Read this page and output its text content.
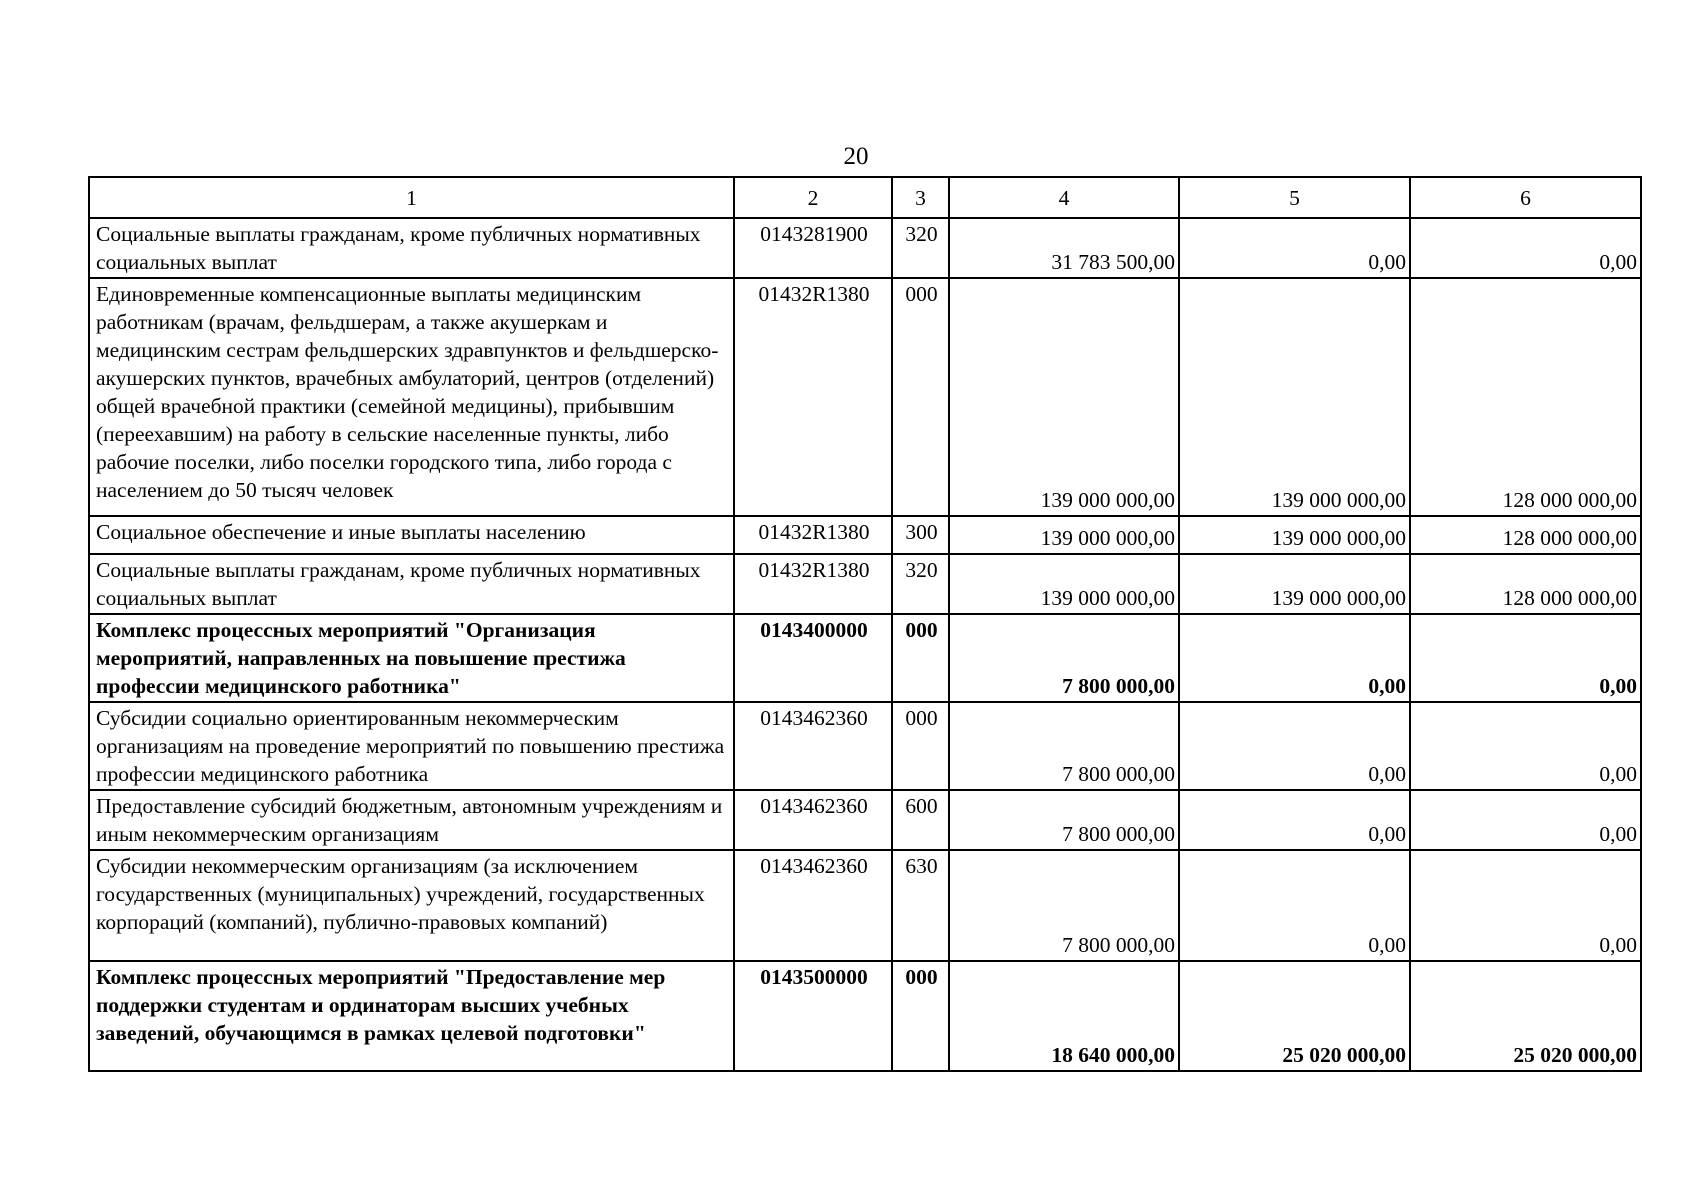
20
1	2	3	4	5	6
Социальные выплаты гражданам, кроме публичных нормативных социальных выплат	0143281900	320	31 783 500,00	0,00	0,00
Единовременные компенсационные выплаты медицинским работникам (врачам, фельдшерам, а также акушеркам и медицинским сестрам фельдшерских здравпунктов и фельдшерско-акушерских пунктов, врачебных амбулаторий, центров (отделений) общей врачебной практики (семейной медицины), прибывшим (переехавшим) на работу в сельские населенные пункты, либо рабочие поселки, либо поселки городского типа, либо города с населением до 50 тысяч человек	01432R1380	000	139 000 000,00	139 000 000,00	128 000 000,00
Социальное обеспечение и иные выплаты населению	01432R1380	300	139 000 000,00	139 000 000,00	128 000 000,00
Социальные выплаты гражданам, кроме публичных нормативных социальных выплат	01432R1380	320	139 000 000,00	139 000 000,00	128 000 000,00
Комплекс процессных мероприятий "Организация мероприятий, направленных на повышение престижа профессии медицинского работника"	0143400000	000	7 800 000,00	0,00	0,00
Субсидии социально ориентированным некоммерческим организациям на проведение мероприятий по повышению престижа профессии медицинского работника	0143462360	000	7 800 000,00	0,00	0,00
Предоставление субсидий бюджетным, автономным учреждениям и иным некоммерческим организациям	0143462360	600	7 800 000,00	0,00	0,00
Субсидии некоммерческим организациям (за исключением государственных (муниципальных) учреждений, государственных корпораций (компаний), публично-правовых компаний)	0143462360	630	7 800 000,00	0,00	0,00
Комплекс процессных мероприятий "Предоставление мер поддержки студентам и ординаторам высших учебных заведений, обучающимся в рамках целевой подготовки"	0143500000	000	18 640 000,00	25 020 000,00	25 020 000,00
